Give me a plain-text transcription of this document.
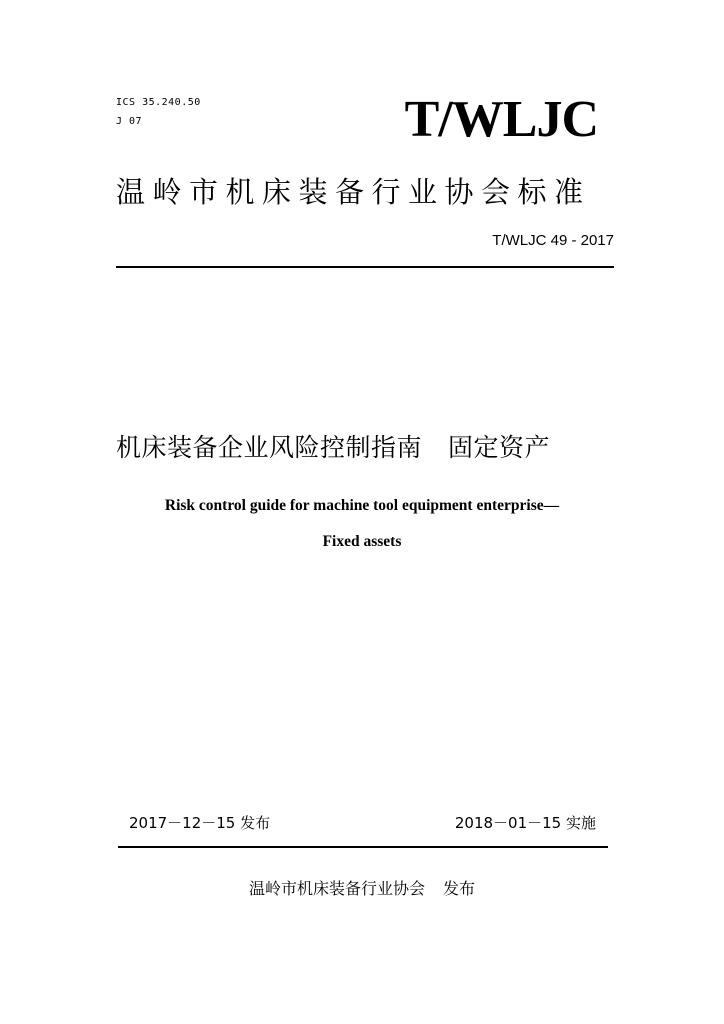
ICS 35.240.50
J 07	T/WLJC
温岭市机床装备行业协会标准
T/WLJC 49 - 2017
机床装备企业风险控制指南 固定资产
Risk control guide for machine tool equipment enterprise—
Fixed assets
2017－12－15 发布	2018－01－15 实施
温岭市机床装备行业协会 发布
